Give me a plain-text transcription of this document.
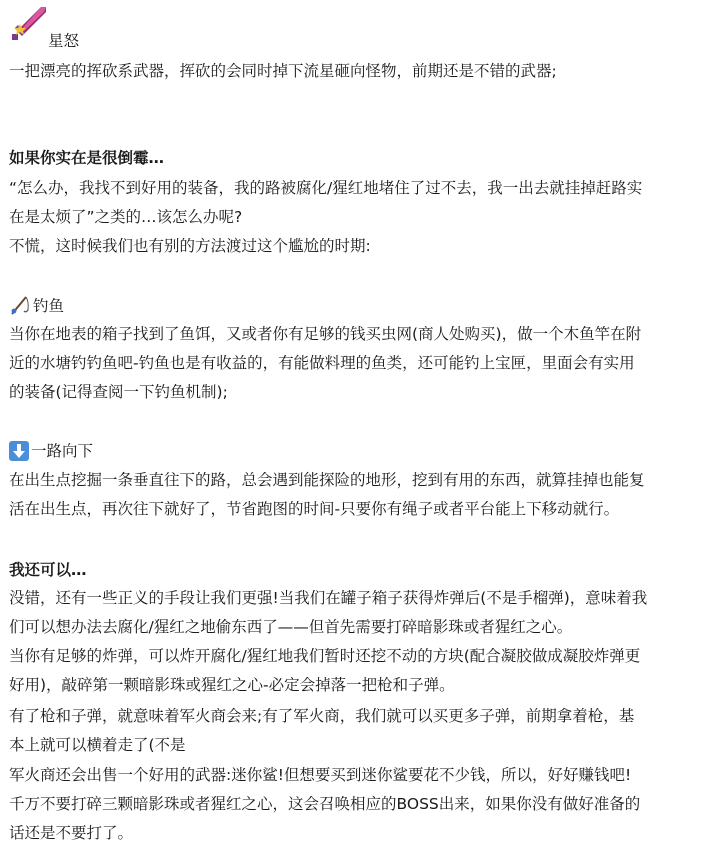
星怒
一把漂亮的挥砍系武器，挥砍的会同时掉下流星砸向怪物，前期还是不错的武器;
如果你实在是很倒霉…
“怎么办，我找不到好用的装备，我的路被腐化/猩红地堵住了过不去，我一出去就挂掉赶路实
在是太烦了”之类的…该怎么办呢?
不慌，这时候我们也有别的方法渡过这个尴尬的时期:
钓鱼
当你在地表的箱子找到了鱼饵，又或者你有足够的钱买虫网(商人处购买)，做一个木鱼竿在附
近的水塘钓钓鱼吧-钓鱼也是有收益的，有能做料理的鱼类，还可能钓上宝匣，里面会有实用
的装备(记得查阅一下钓鱼机制);
一路向下
在出生点挖掘一条垂直往下的路，总会遇到能探险的地形，挖到有用的东西，就算挂掉也能复
活在出生点，再次往下就好了，节省跑图的时间-只要你有绳子或者平台能上下移动就行。
我还可以…
没错，还有一些正义的手段让我们更强!当我们在罐子箱子获得炸弹后(不是手榴弹)，意味着我
们可以想办法去腐化/猩红之地偷东西了——但首先需要打碎暗影珠或者猩红之心。
当你有足够的炸弹，可以炸开腐化/猩红地我们暂时还挖不动的方块(配合凝胶做成凝胶炸弹更
好用)，敲碎第一颗暗影珠或猩红之心-必定会掉落一把枪和子弹。
有了枪和子弹，就意味着军火商会来;有了军火商，我们就可以买更多子弹，前期拿着枪，基
本上就可以横着走了(不是
军火商还会出售一个好用的武器:迷你鲨!但想要买到迷你鲨要花不少钱，所以，好好赚钱吧!
千万不要打碎三颗暗影珠或者猩红之心，这会召唤相应的BOSS出来，如果你没有做好准备的
话还是不要打了。
